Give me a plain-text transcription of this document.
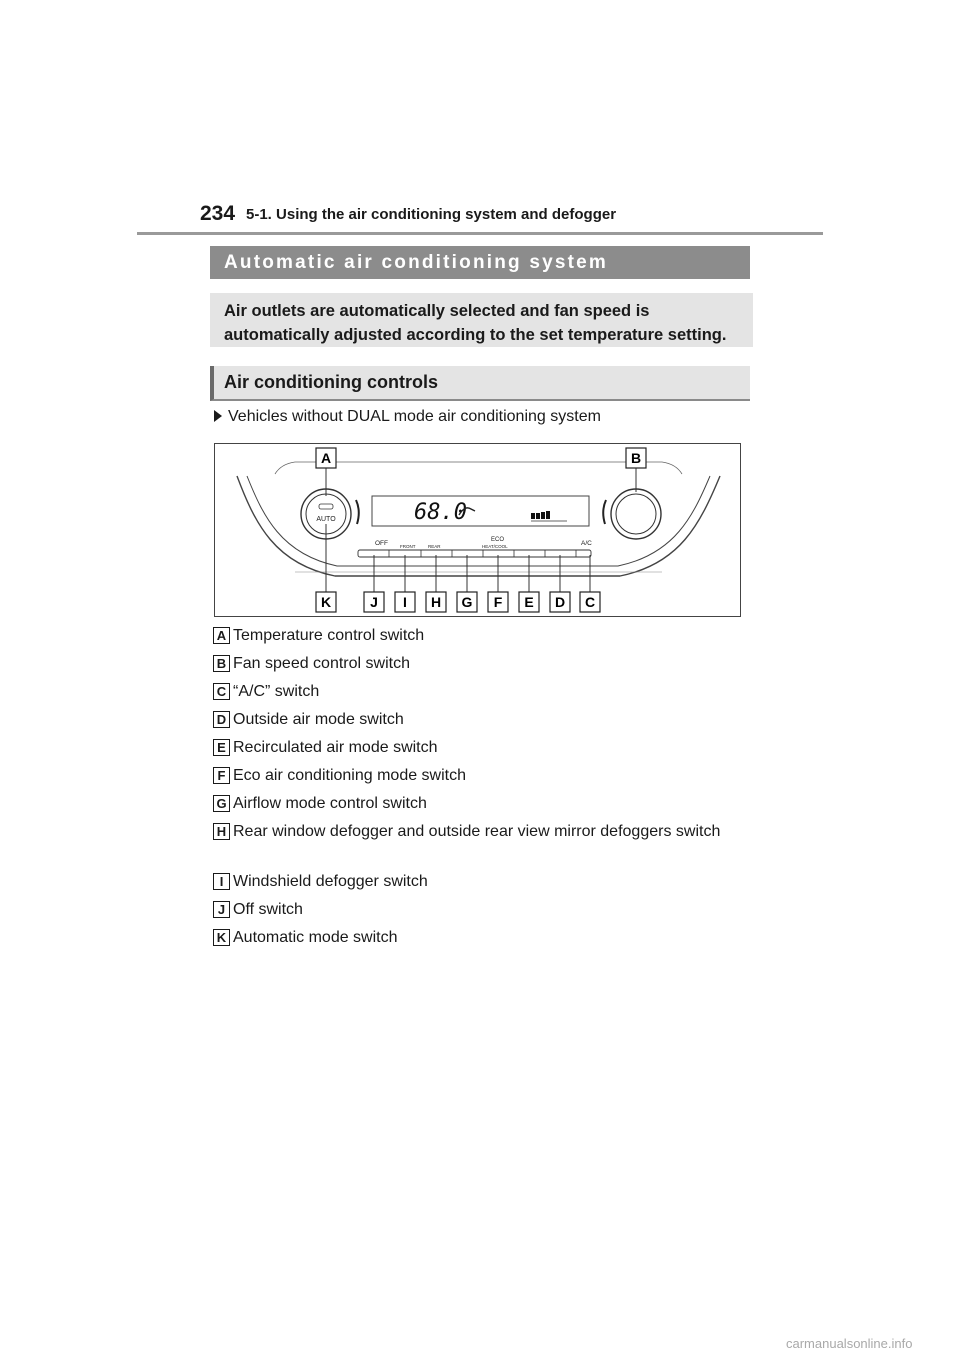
234 5-1. Using the air conditioning system and defogger
Automatic air conditioning system
Air outlets are automatically selected and fan speed is automatically adjusted according to the set temperature setting.
Air conditioning controls
Vehicles without DUAL mode air conditioning system
AUTO	68.0
OFF	FRONT	REAR
ECO
HEAT/COOL	A/C
A	B
K	J I H G F E D C
A Temperature control switch
B Fan speed control switch
C “A/C” switch
D Outside air mode switch
E Recirculated air mode switch
F Eco air conditioning mode switch
G Airflow mode control switch
H Rear window defogger and outside rear view mirror defoggers switch
I Windshield defogger switch
J Off switch
K Automatic mode switch
carmanualsonline.info
